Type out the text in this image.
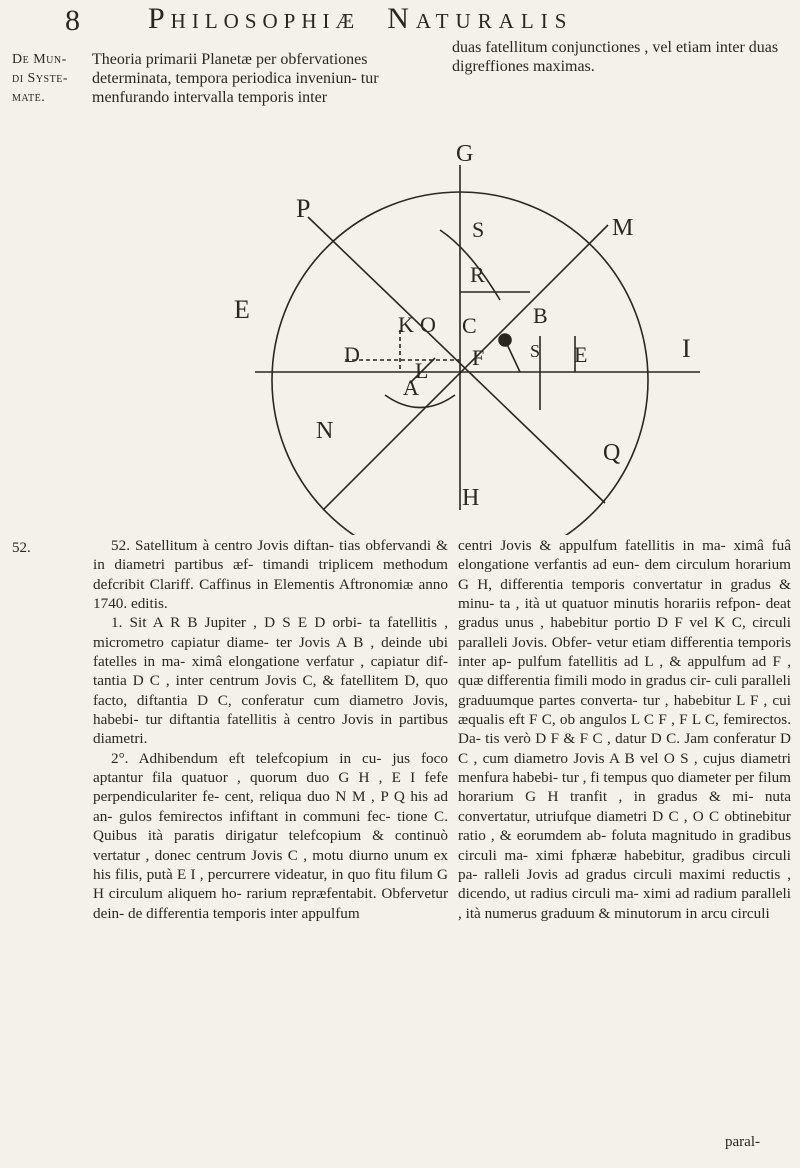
8 Philosophiæ Naturalis
De Mun- di Syste- mate.
Theoria primarii Planetæ per obfervationes determinata, tempora periodica inveniun- tur menfurando intervalla temporis inter
duas fatellitum conjunctiones , vel etiam inter duas digreffiones maximas.
G
P
S	M
R
E
K O C	B
D	F	S E	I
L
A
N
Q
H
52.	52. Satellitum à centro Jovis diftan- tias obfervandi & in diametri partibus æf- timandi triplicem methodum defcribit Clariff. Caffinus in Elementis Aftronomiæ anno 1740. editis.

1. Sit A R B Jupiter , D S E D orbi- ta fatellitis , micrometro capiatur diame- ter Jovis A B , deinde ubi fatelles in ma- ximâ elongatione verfatur , capiatur dif- tantia D C , inter centrum Jovis C, & fatellitem D, quo facto, diftantia D C, conferatur cum diametro Jovis, habebi- tur diftantia fatellitis à centro Jovis in partibus diametri.

2°. Adhibendum eft telefcopium in cu- jus foco aptantur fila quatuor , quorum duo G H , E I fefe perpendiculariter fe- cent, reliqua duo N M , P Q his ad an- gulos femirectos infiftant in communi fec- tione C. Quibus ità paratis dirigatur telefcopium & continuò vertatur , donec centrum Jovis C , motu diurno unum ex his filis, putà E I , percurrere videatur, in quo fitu filum G H circulum aliquem ho- rarium repræfentabit. Obfervetur dein- de differentia temporis inter appulfum

centri Jovis & appulfum fatellitis in ma- ximâ fuâ elongatione verfantis ad eun- dem circulum horarium G H, differentia temporis convertatur in gradus & minu- ta , ità ut quatuor minutis horariis refpon- deat gradus unus , habebitur portio D F vel K C, circuli paralleli Jovis. Obfer- vetur etiam differentia temporis inter ap- pulfum fatellitis ad L , & appulfum ad F , quæ differentia fimili modo in gradus cir- culi paralleli graduumque partes converta- tur , habebitur L F , cui æqualis eft F C, ob angulos L C F , F L C, femirectos. Da- tis verò D F & F C , datur D C. Jam conferatur D C , cum diametro Jovis A B vel O S , cujus diametri menfura habebi- tur , fi tempus quo diameter per filum horarium G H tranfit , in gradus & mi- nuta convertatur, utriufque diametri D C , O C obtinebitur ratio , & eorumdem ab- foluta magnitudo in gradibus circuli ma- ximi fphæræ habebitur, gradibus circuli pa- ralleli Jovis ad gradus circuli maximi reductis , dicendo, ut radius circuli ma- ximi ad radium paralleli , ità numerus graduum & minutorum in arcu circuli

paral-
